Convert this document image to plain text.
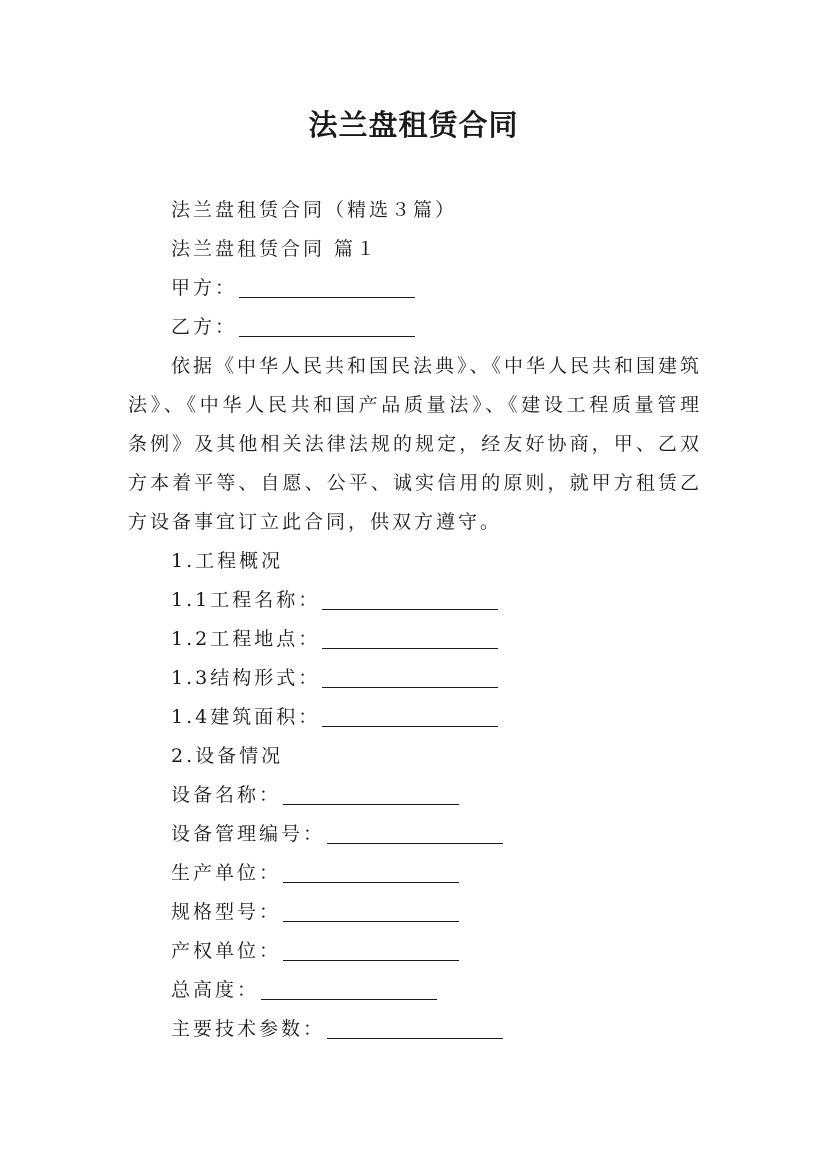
法兰盘租赁合同
法兰盘租赁合同（精选３篇）
法兰盘租赁合同 篇１
甲方：
乙方：
依据《中华人民共和国民法典》、《中华人民共和国建筑法》、《中华人民共和国产品质量法》、《建设工程质量管理条例》及其他相关法律法规的规定，经友好协商，甲、乙双方本着平等、自愿、公平、诚实信用的原则，就甲方租赁乙方设备事宜订立此合同，供双方遵守。
1.工程概况
1.1工程名称：
1.2工程地点：
1.3结构形式：
1.4建筑面积：
2.设备情况
设备名称：
设备管理编号：
生产单位：
规格型号：
产权单位：
总高度：
主要技术参数：
